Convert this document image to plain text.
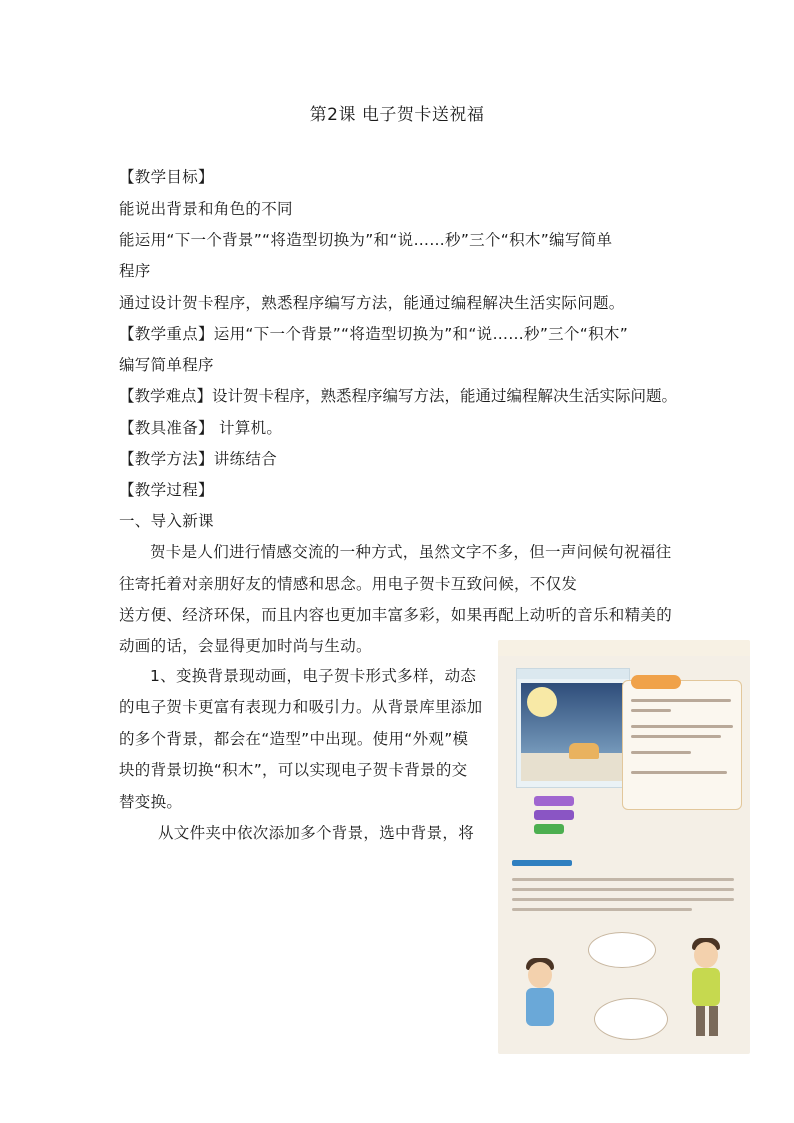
第2课 电子贺卡送祝福
【教学目标】
能说出背景和角色的不同
能运用“下一个背景”“将造型切换为”和“说……秒”三个“积木”编写简单
程序
通过设计贺卡程序，熟悉程序编写方法，能通过编程解决生活实际问题。
【教学重点】运用“下一个背景”“将造型切换为”和“说……秒”三个“积木”
编写简单程序
【教学难点】设计贺卡程序，熟悉程序编写方法，能通过编程解决生活实际问题。
【教具准备】 计算机。
【教学方法】讲练结合
【教学过程】
一、导入新课
贺卡是人们进行情感交流的一种方式，虽然文字不多，但一声问候句祝福往
往寄托着对亲朋好友的情感和思念。用电子贺卡互致问候，不仅发
送方便、经济环保，而且内容也更加丰富多彩，如果再配上动听的音乐和精美的
动画的话，会显得更加时尚与生动。
1、变换背景现动画，电子贺卡形式多样，动态
的电子贺卡更富有表现力和吸引力。从背景库里添加
的多个背景，都会在“造型”中出现。使用“外观”模
块的背景切换“积木”，可以实现电子贺卡背景的交
替变换。
从文件夹中依次添加多个背景，选中背景，将
